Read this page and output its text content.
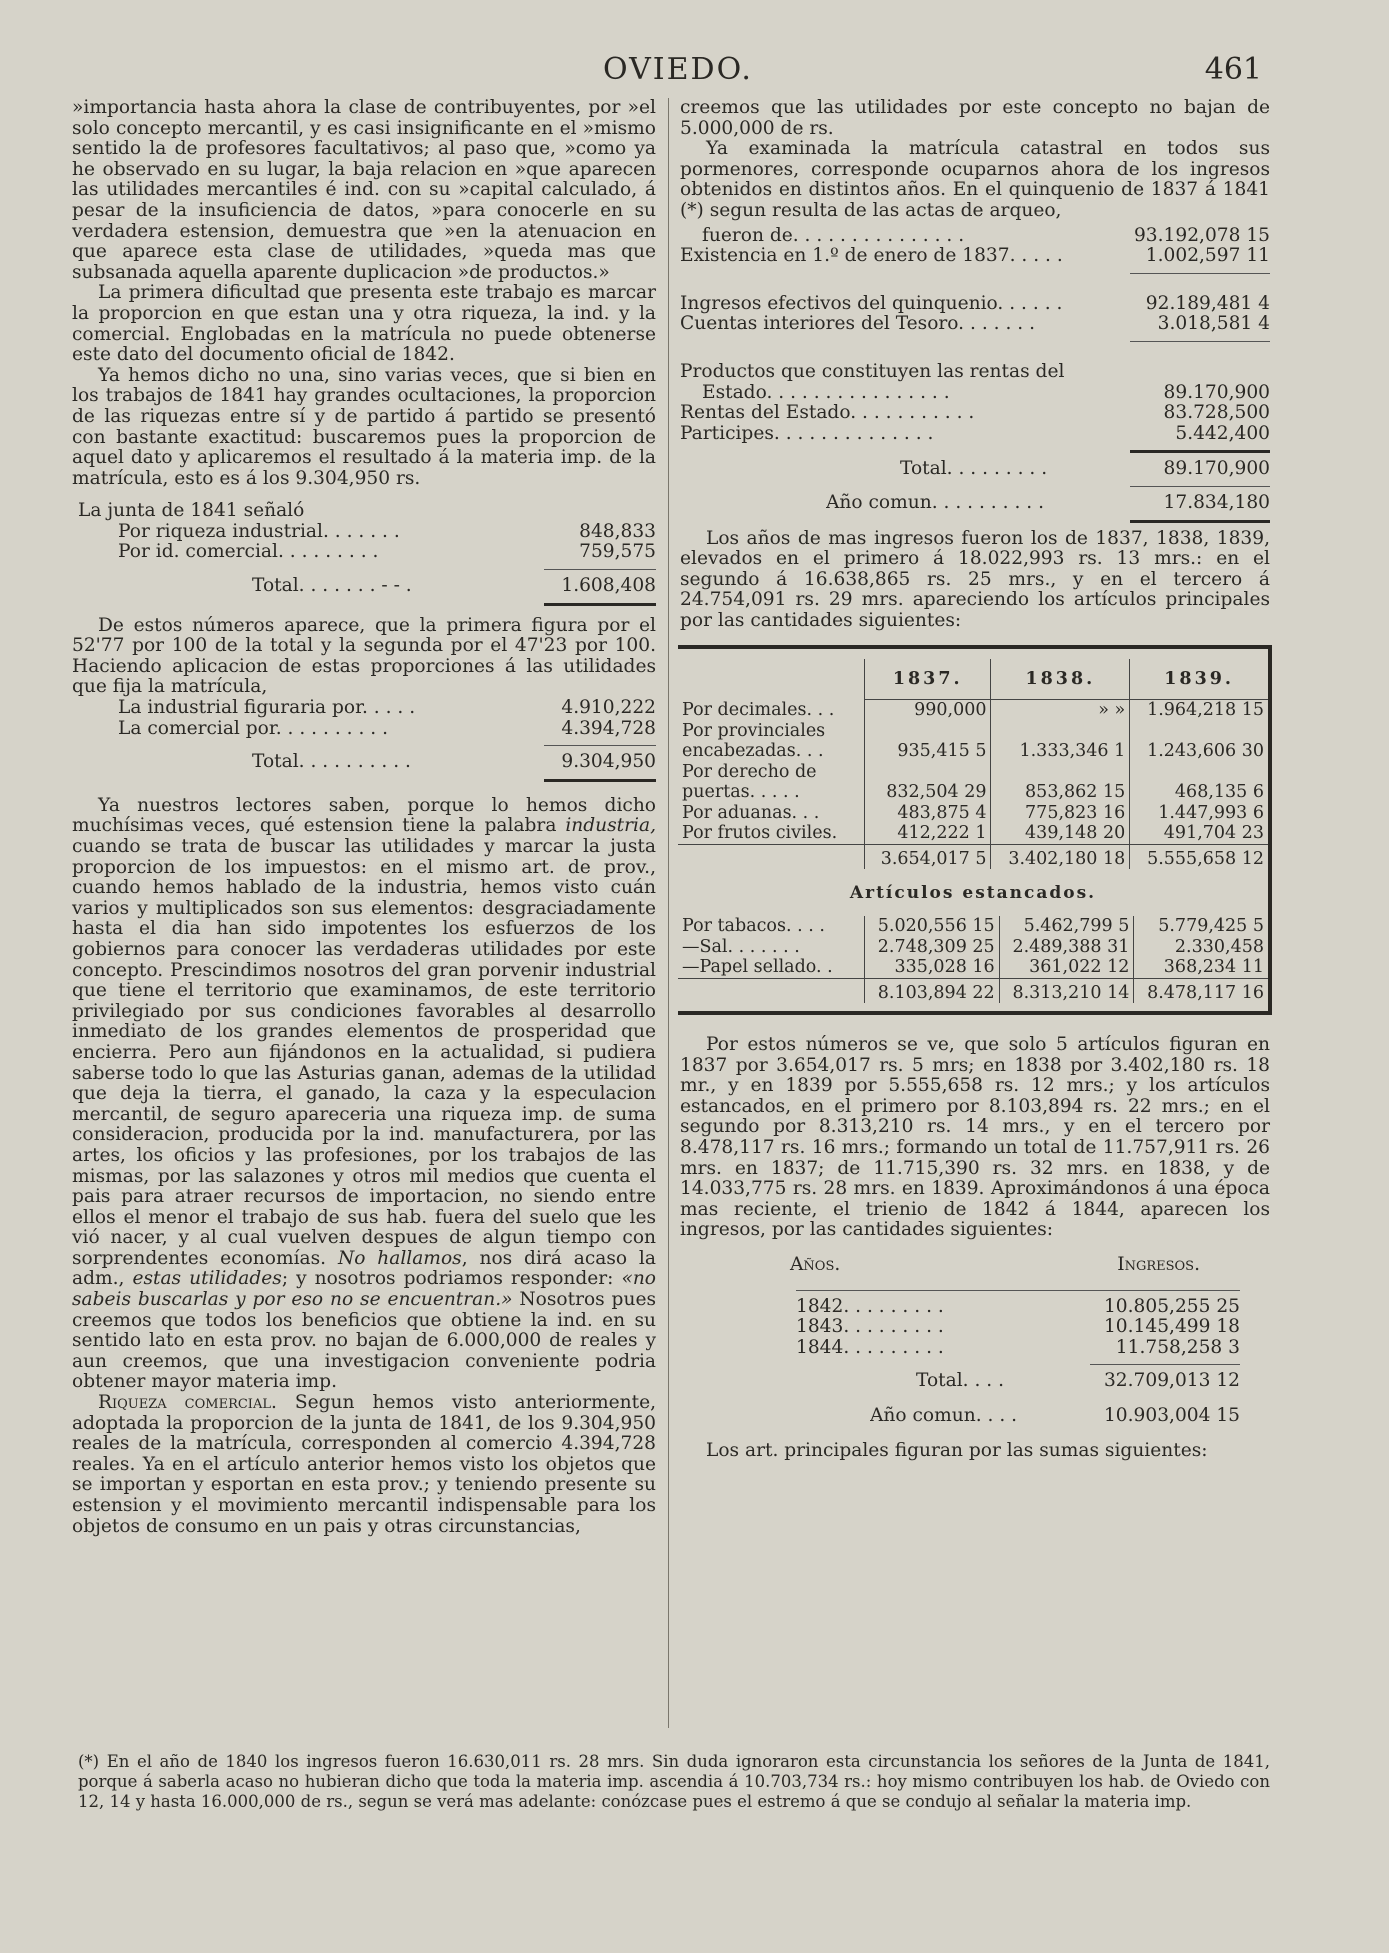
OVIEDO.	461

»importancia hasta ahora la clase de contribuyentes, por »el solo concepto mercantil, y es casi insignificante en el »mismo sentido la de profesores facultativos; al paso que, »como ya he observado en su lugar, la baja relacion en »que aparecen las utilidades mercantiles é ind. con su »capital calculado, á pesar de la insuficiencia de datos, »para conocerle en su verdadera estension, demuestra que »en la atenuacion en que aparece esta clase de utilidades, »queda mas que subsanada aquella aparente duplicacion »de productos.»

La primera dificultad que presenta este trabajo es marcar la proporcion en que estan una y otra riqueza, la ind. y la comercial. Englobadas en la matrícula no puede obtenerse este dato del documento oficial de 1842.

Ya hemos dicho no una, sino varias veces, que si bien en los trabajos de 1841 hay grandes ocultaciones, la proporcion de las riquezas entre sí y de partido á partido se presentó con bastante exactitud: buscaremos pues la proporcion de aquel dato y aplicaremos el resultado á la materia imp. de la matrícula, esto es á los 9.304,950 rs.

La junta de 1841 señaló
Por riqueza industrial. . . . . . .	848,833
Por id. comercial. . . . . . . . .	759,575
Total. . . . . . . - - .	1.608,408

De estos números aparece, que la primera figura por el 52'77 por 100 de la total y la segunda por el 47'23 por 100. Haciendo aplicacion de estas proporciones á las utilidades que fija la matrícula,

La industrial figuraria por. . . . .	4.910,222
La comercial por. . . . . . . . . .	4.394,728
Total. . . . . . . . . .	9.304,950

Ya nuestros lectores saben, porque lo hemos dicho muchísimas veces, qué estension tiene la palabra industria, cuando se trata de buscar las utilidades y marcar la justa proporcion de los impuestos: en el mismo art. de prov., cuando hemos hablado de la industria, hemos visto cuán varios y multiplicados son sus elementos: desgraciadamente hasta el dia han sido impotentes los esfuerzos de los gobiernos para conocer las verdaderas utilidades por este concepto. Prescindimos nosotros del gran porvenir industrial que tiene el territorio que examinamos, de este territorio privilegiado por sus condiciones favorables al desarrollo inmediato de los grandes elementos de prosperidad que encierra. Pero aun fijándonos en la actualidad, si pudiera saberse todo lo que las Asturias ganan, ademas de la utilidad que deja la tierra, el ganado, la caza y la especulacion mercantil, de seguro apareceria una riqueza imp. de suma consideracion, producida por la ind. manufacturera, por las artes, los oficios y las profesiones, por los trabajos de las mismas, por las salazones y otros mil medios que cuenta el pais para atraer recursos de importacion, no siendo entre ellos el menor el trabajo de sus hab. fuera del suelo que les vió nacer, y al cual vuelven despues de algun tiempo con sorprendentes economías. No hallamos, nos dirá acaso la adm., estas utilidades; y nosotros podriamos responder: «no sabeis buscarlas y por eso no se encuentran.» Nosotros pues creemos que todos los beneficios que obtiene la ind. en su sentido lato en esta prov. no bajan de 6.000,000 de reales y aun creemos, que una investigacion conveniente podria obtener mayor materia imp.

Riqueza comercial. Segun hemos visto anteriormente, adoptada la proporcion de la junta de 1841, de los 9.304,950 reales de la matrícula, corresponden al comercio 4.394,728 reales. Ya en el artículo anterior hemos visto los objetos que se importan y esportan en esta prov.; y teniendo presente su estension y el movimiento mercantil indispensable para los objetos de consumo en un pais y otras circunstancias,

creemos que las utilidades por este concepto no bajan de 5.000,000 de rs.

Ya examinada la matrícula catastral en todos sus pormenores, corresponde ocuparnos ahora de los ingresos obtenidos en distintos años. En el quinquenio de 1837 á 1841 (*) segun resulta de las actas de arqueo,

fueron de. . . . . . . . . . . . . . .	93.192,078 15
Existencia en 1.º de enero de 1837. . . . .	1.002,597 11
Ingresos efectivos del quinquenio. . . . . .	92.189,481 4
Cuentas interiores del Tesoro. . . . . . .	3.018,581 4
Productos que constituyen las rentas del
Estado. . . . . . . . . . . . . . . .	89.170,900
Rentas del Estado. . . . . . . . . . .	83.728,500
Participes. . . . . . . . . . . . . .	5.442,400
Total. . . . . . . . .	89.170,900
Año comun. . . . . . . . . .	17.834,180

Los años de mas ingresos fueron los de 1837, 1838, 1839, elevados en el primero á 18.022,993 rs. 13 mrs.: en el segundo á 16.638,865 rs. 25 mrs., y en el tercero á 24.754,091 rs. 29 mrs. apareciendo los artículos principales por las cantidades siguientes:

	1837.	1838.	1839.
Por decimales. . .	990,000	» »	1.964,218 15
Por provinciales			
encabezadas. . .	935,415 5	1.333,346 1	1.243,606 30
Por derecho de			
puertas. . . . .	832,504 29	853,862 15	468,135 6
Por aduanas. . .	483,875 4	775,823 16	1.447,993 6
Por frutos civiles.	412,222 1	439,148 20	491,704 23
	3.654,017 5	3.402,180 18	5.555,658 12
Artículos estancados.
Por tabacos. . . .	5.020,556 15	5.462,799 5	5.779,425 5
—Sal. . . . . . .	2.748,309 25	2.489,388 31	2.330,458
—Papel sellado. .	335,028 16	361,022 12	368,234 11
	8.103,894 22	8.313,210 14	8.478,117 16

Por estos números se ve, que solo 5 artículos figuran en 1837 por 3.654,017 rs. 5 mrs; en 1838 por 3.402,180 rs. 18 mr., y en 1839 por 5.555,658 rs. 12 mrs.; y los artículos estancados, en el primero por 8.103,894 rs. 22 mrs.; en el segundo por 8.313,210 rs. 14 mrs., y en el tercero por 8.478,117 rs. 16 mrs.; formando un total de 11.757,911 rs. 26 mrs. en 1837; de 11.715,390 rs. 32 mrs. en 1838, y de 14.033,775 rs. 28 mrs. en 1839. Aproximándonos á una época mas reciente, el trienio de 1842 á 1844, aparecen los ingresos, por las cantidades siguientes:

Años.	Ingresos.
1842. . . . . . . . .	10.805,255 25
1843. . . . . . . . .	10.145,499 18
1844. . . . . . . . .	11.758,258 3
Total. . . .	32.709,013 12
Año comun. . . .	10.903,004 15

Los art. principales figuran por las sumas siguientes:

(*) En el año de 1840 los ingresos fueron 16.630,011 rs. 28 mrs. Sin duda ignoraron esta circunstancia los señores de la Junta de 1841, porque á saberla acaso no hubieran dicho que toda la materia imp. ascendia á 10.703,734 rs.: hoy mismo contribuyen los hab. de Oviedo con 12, 14 y hasta 16.000,000 de rs., segun se verá mas adelante: conózcase pues el estremo á que se condujo al señalar la materia imp.
